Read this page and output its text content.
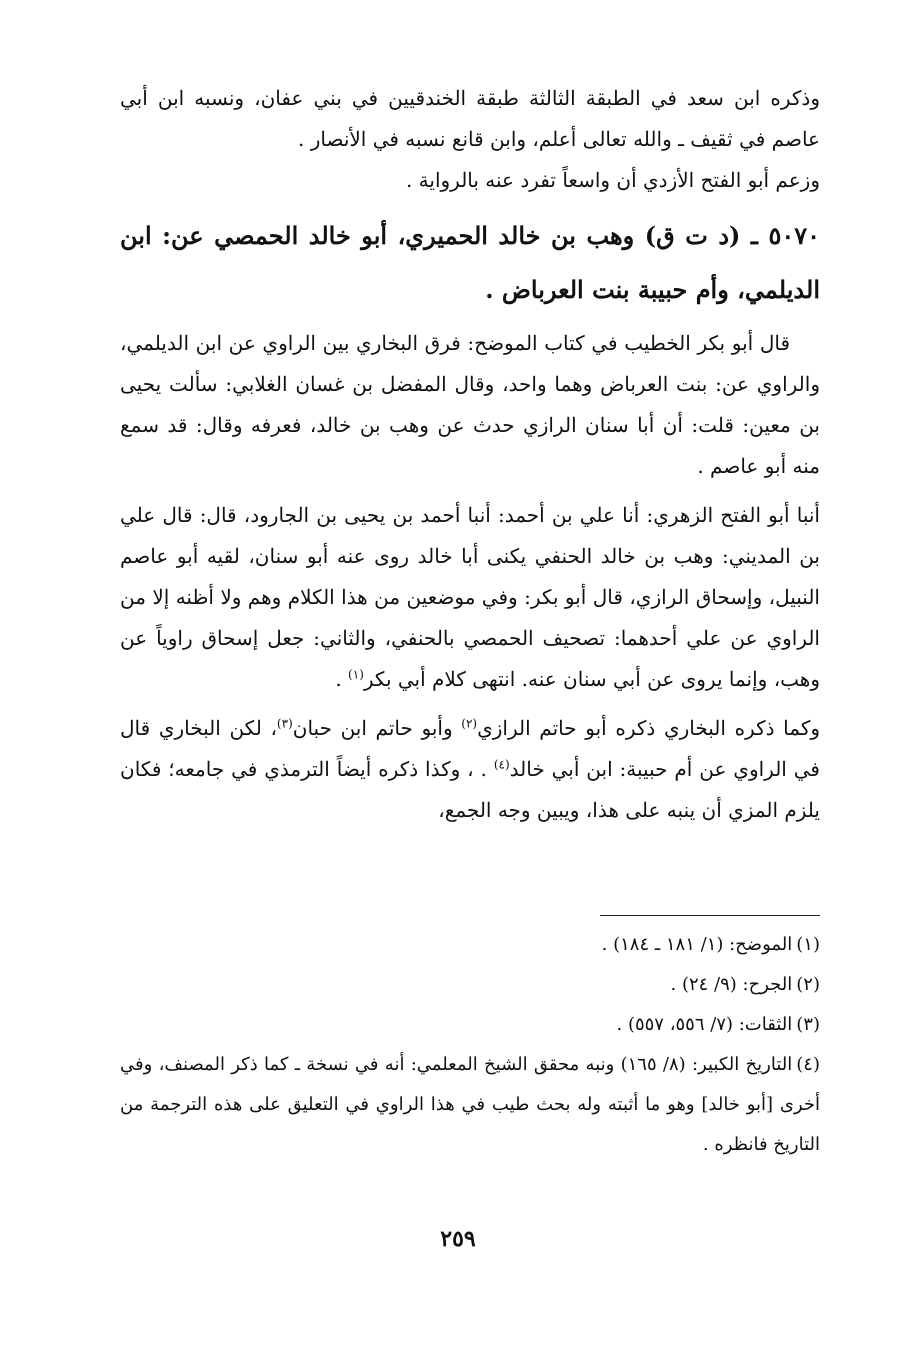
وذكره ابن سعد في الطبقة الثالثة طبقة الخندقيين في بني عفان، ونسبه ابن أبي عاصم في ثقيف ـ والله تعالى أعلم، وابن قانع نسبه في الأنصار .

وزعم أبو الفتح الأزدي أن واسعاً تفرد عنه بالرواية .

٥٠٧٠ ـ (د ت ق) وهب بن خالد الحميري، أبو خالد الحمصي عن: ابن الديلمي، وأم حبيبة بنت العرباض .

قال أبو بكر الخطيب في كتاب الموضح: فرق البخاري بين الراوي عن ابن الديلمي، والراوي عن: بنت العرباض وهما واحد، وقال المفضل بن غسان الغلابي: سألت يحيى بن معين: قلت: أن أبا سنان الرازي حدث عن وهب بن خالد، فعرفه وقال: قد سمع منه أبو عاصم .

أنبا أبو الفتح الزهري: أنا علي بن أحمد: أنبا أحمد بن يحيى بن الجارود، قال: قال علي بن المديني: وهب بن خالد الحنفي يكنى أبا خالد روى عنه أبو سنان، لقيه أبو عاصم النبيل، وإسحاق الرازي، قال أبو بكر: وفي موضعين من هذا الكلام وهم ولا أظنه إلا من الراوي عن علي أحدهما: تصحيف الحمصي بالحنفي، والثاني: جعل إسحاق راوياً عن وهب، وإنما يروى عن أبي سنان عنه. انتهى كلام أبي بكر$^{(١)}$ .

وكما ذكره البخاري ذكره أبو حاتم الرازي$^{(٢)}$ وأبو حاتم ابن حبان$^{(٣)}$، لكن البخاري قال في الراوي عن أم حبيبة: ابن أبي خالد$^{(٤)}$ . ، وكذا ذكره أيضاً الترمذي في جامعه؛ فكان يلزم المزي أن ينبه على هذا، ويبين وجه الجمع،

(١)الموضح: (١/ ١٨١ ـ ١٨٤) .

(٢)الجرح: (٩/ ٢٤) .

(٣)الثقات: (٧/ ٥٥٦، ٥٥٧) .

(٤)التاريخ الكبير: (٨/ ١٦٥) ونبه محقق الشيخ المعلمي: أنه في نسخة ـ كما ذكر المصنف، وفي أخرى [أبو خالد] وهو ما أثبته وله بحث طيب في هذا الراوي في التعليق على هذه الترجمة من التاريخ فانظره .

٢٥٩
